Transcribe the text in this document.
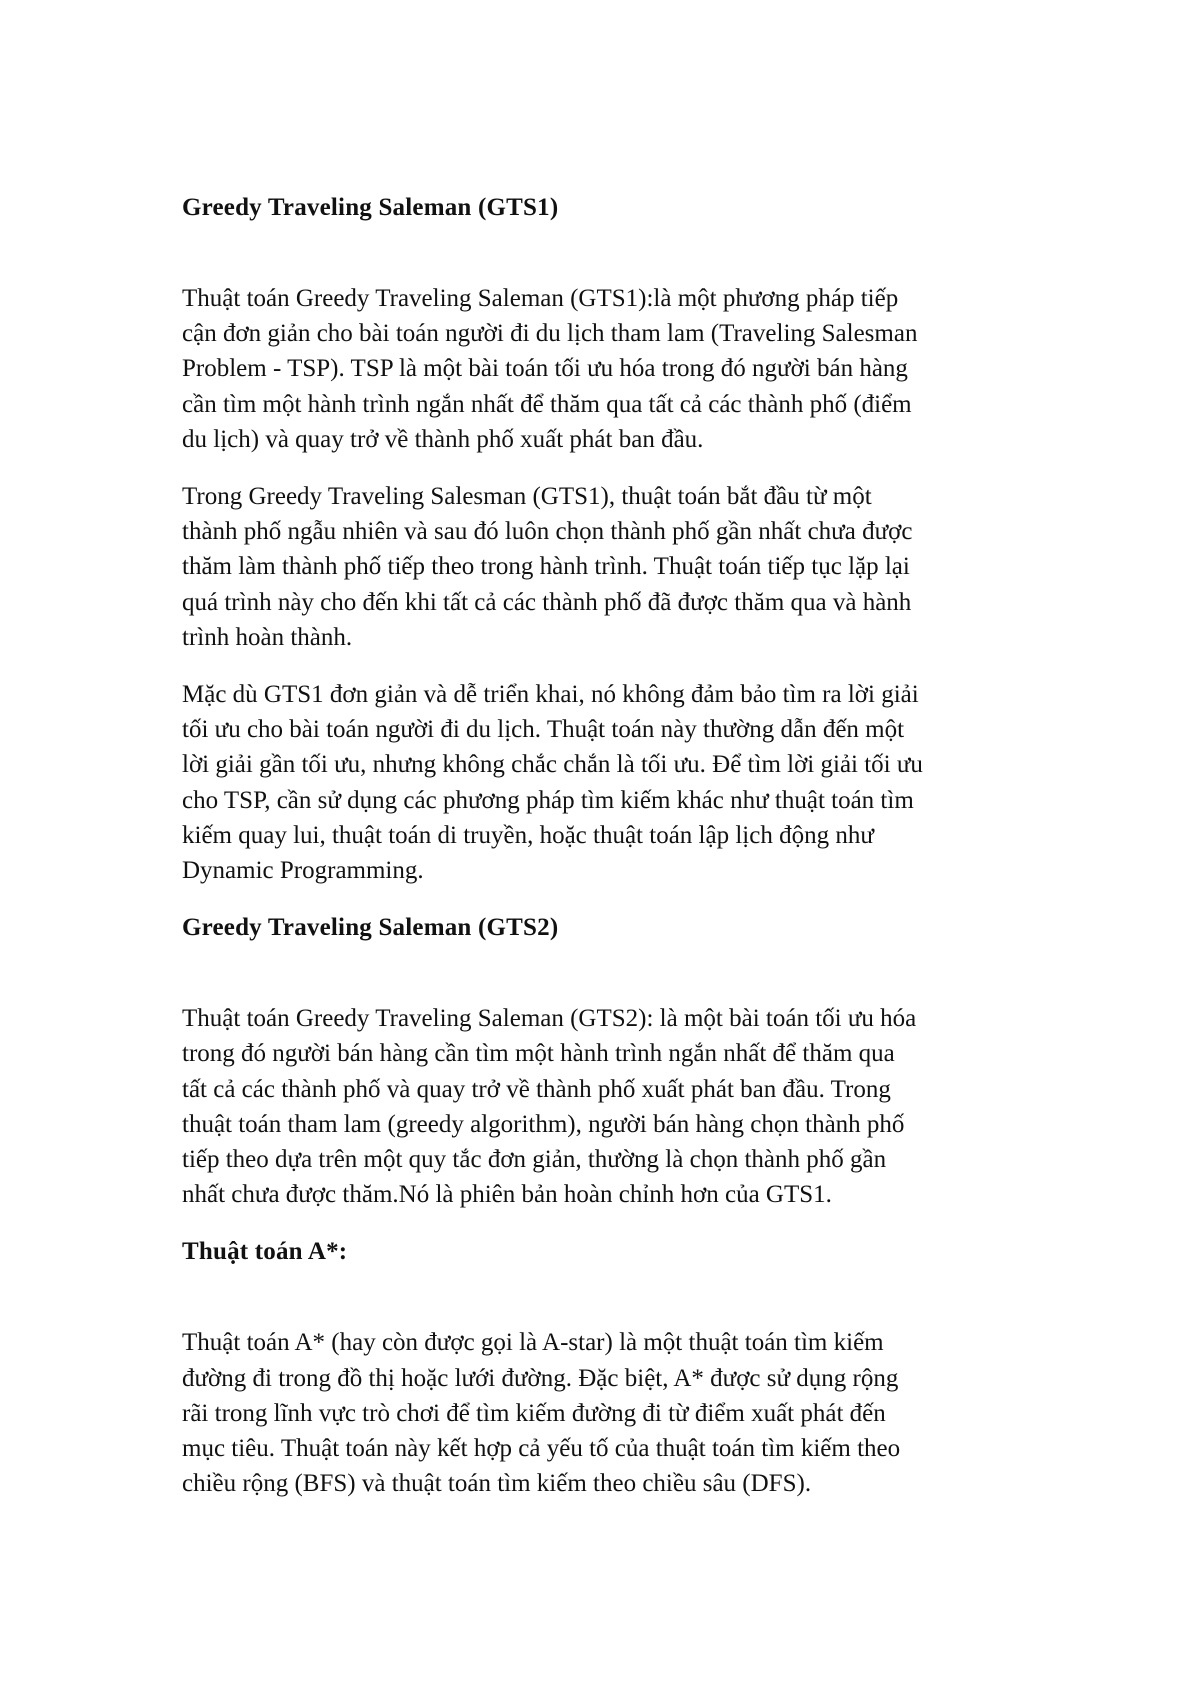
Greedy Traveling Saleman (GTS1)

Thuật toán Greedy Traveling Saleman (GTS1):là một phương pháp tiếp
cận đơn giản cho bài toán người đi du lịch tham lam (Traveling Salesman
Problem - TSP). TSP là một bài toán tối ưu hóa trong đó người bán hàng
cần tìm một hành trình ngắn nhất để thăm qua tất cả các thành phố (điểm
du lịch) và quay trở về thành phố xuất phát ban đầu.

Trong Greedy Traveling Salesman (GTS1), thuật toán bắt đầu từ một
thành phố ngẫu nhiên và sau đó luôn chọn thành phố gần nhất chưa được
thăm làm thành phố tiếp theo trong hành trình. Thuật toán tiếp tục lặp lại
quá trình này cho đến khi tất cả các thành phố đã được thăm qua và hành
trình hoàn thành.

Mặc dù GTS1 đơn giản và dễ triển khai, nó không đảm bảo tìm ra lời giải
tối ưu cho bài toán người đi du lịch. Thuật toán này thường dẫn đến một
lời giải gần tối ưu, nhưng không chắc chắn là tối ưu. Để tìm lời giải tối ưu
cho TSP, cần sử dụng các phương pháp tìm kiếm khác như thuật toán tìm
kiếm quay lui, thuật toán di truyền, hoặc thuật toán lập lịch động như
Dynamic Programming.

Greedy Traveling Saleman (GTS2)

Thuật toán Greedy Traveling Saleman (GTS2): là một bài toán tối ưu hóa
trong đó người bán hàng cần tìm một hành trình ngắn nhất để thăm qua
tất cả các thành phố và quay trở về thành phố xuất phát ban đầu. Trong
thuật toán tham lam (greedy algorithm), người bán hàng chọn thành phố
tiếp theo dựa trên một quy tắc đơn giản, thường là chọn thành phố gần
nhất chưa được thăm.Nó là phiên bản hoàn chỉnh hơn của GTS1.

Thuật toán A*:

Thuật toán A* (hay còn được gọi là A-star) là một thuật toán tìm kiếm
đường đi trong đồ thị hoặc lưới đường. Đặc biệt, A* được sử dụng rộng
rãi trong lĩnh vực trò chơi để tìm kiếm đường đi từ điểm xuất phát đến
mục tiêu. Thuật toán này kết hợp cả yếu tố của thuật toán tìm kiếm theo
chiều rộng (BFS) và thuật toán tìm kiếm theo chiều sâu (DFS).
